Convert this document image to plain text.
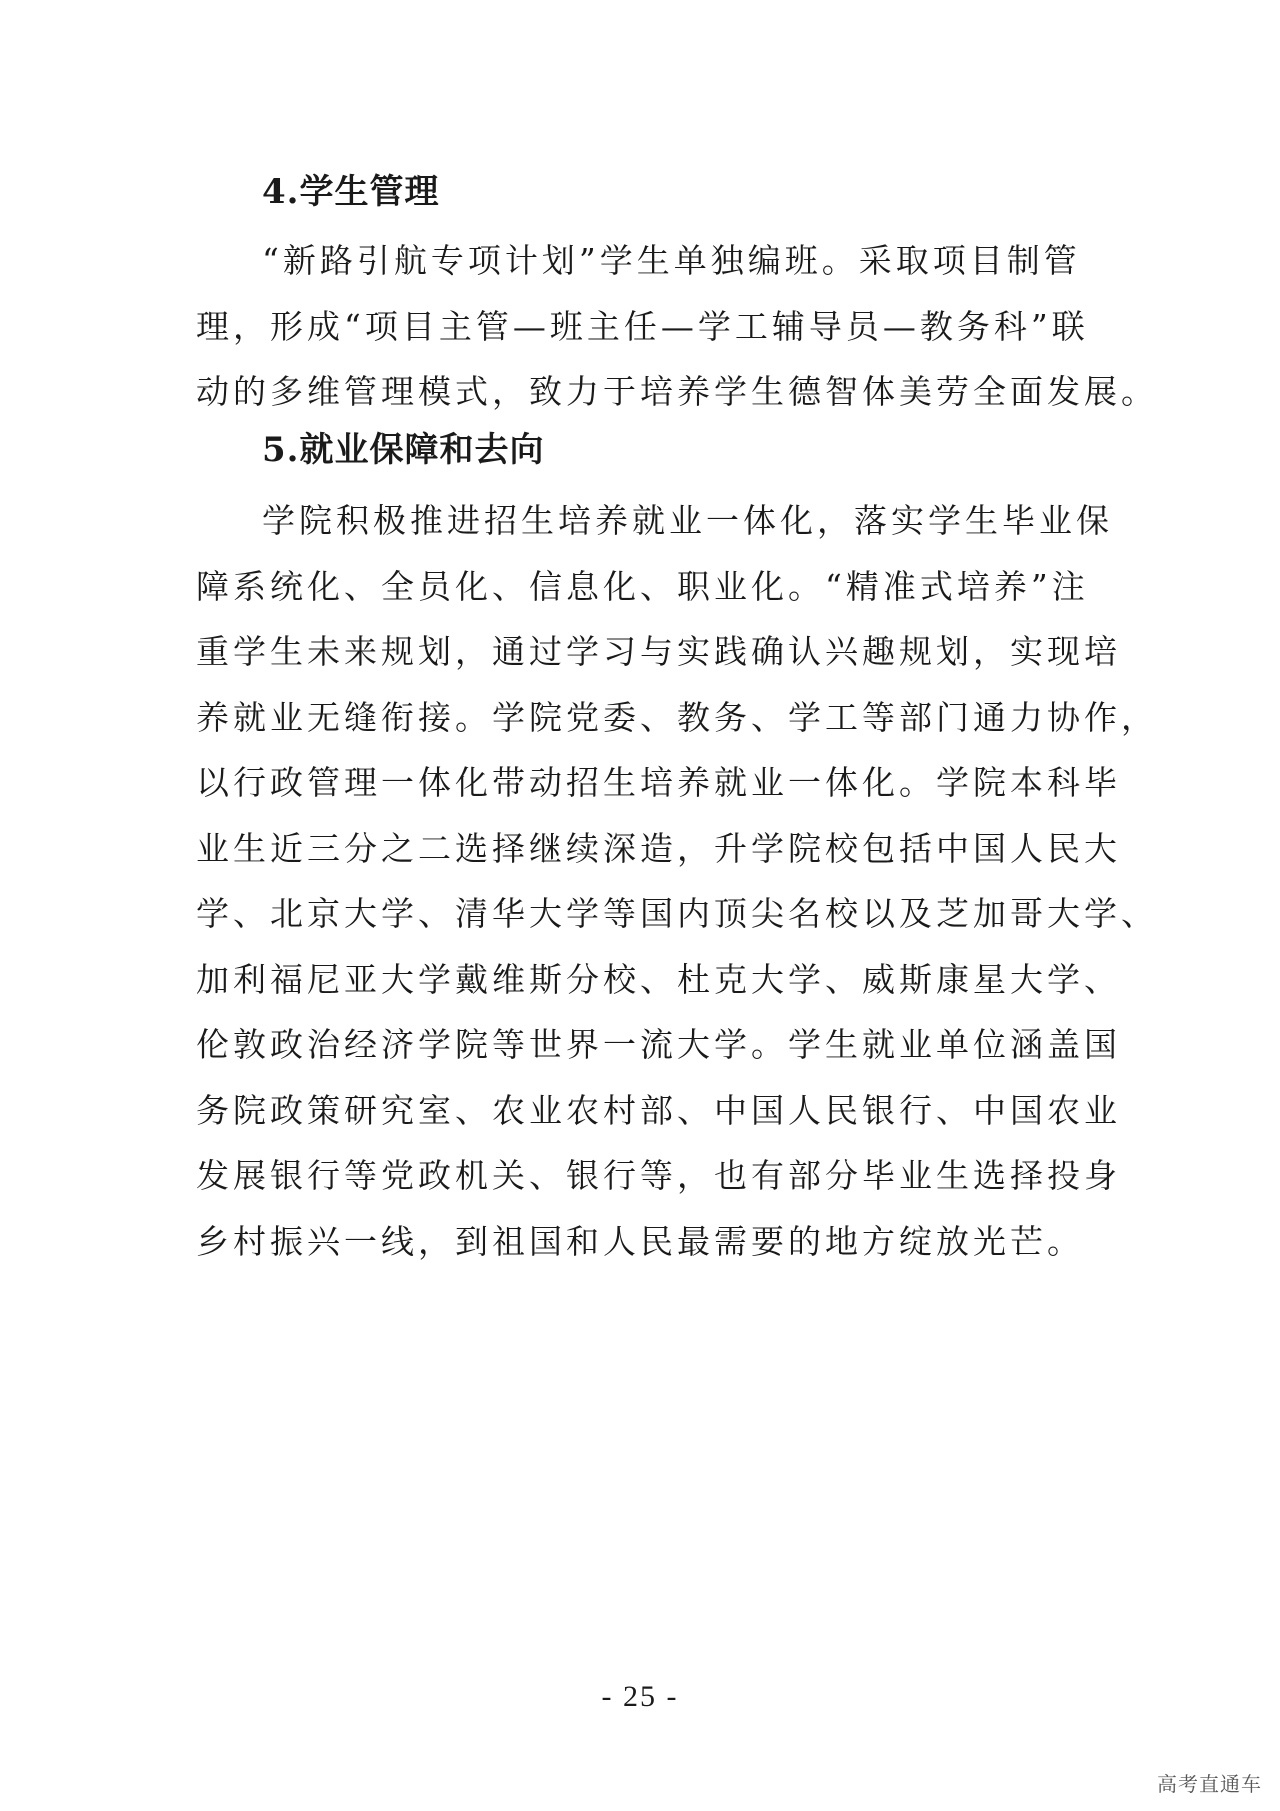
4.学生管理
“新路引航专项计划”学生单独编班。采取项目制管
理，形成“项目主管—班主任—学工辅导员—教务科”联
动的多维管理模式，致力于培养学生德智体美劳全面发展。
5.就业保障和去向
学院积极推进招生培养就业一体化，落实学生毕业保
障系统化、全员化、信息化、职业化。“精准式培养”注
重学生未来规划，通过学习与实践确认兴趣规划，实现培
养就业无缝衔接。学院党委、教务、学工等部门通力协作，
以行政管理一体化带动招生培养就业一体化。学院本科毕
业生近三分之二选择继续深造，升学院校包括中国人民大
学、北京大学、清华大学等国内顶尖名校以及芝加哥大学、
加利福尼亚大学戴维斯分校、杜克大学、威斯康星大学、
伦敦政治经济学院等世界一流大学。学生就业单位涵盖国
务院政策研究室、农业农村部、中国人民银行、中国农业
发展银行等党政机关、银行等，也有部分毕业生选择投身
乡村振兴一线，到祖国和人民最需要的地方绽放光芒。
- 25 -
高考直通车
